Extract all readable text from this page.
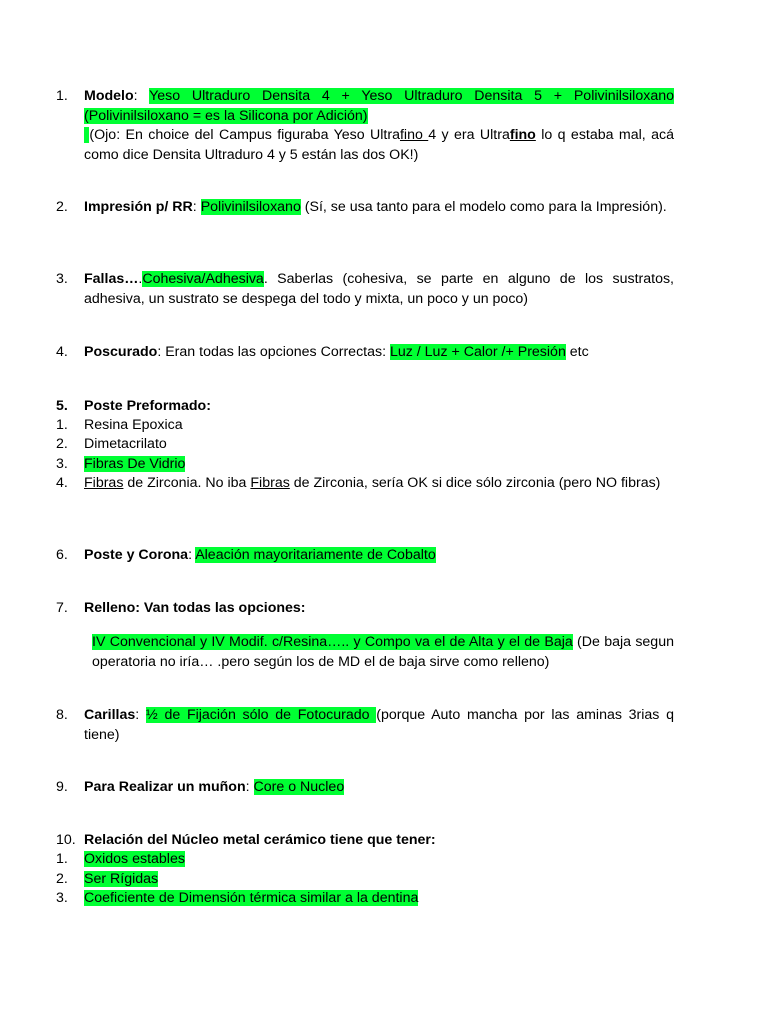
1.	Modelo: Yeso Ultraduro Densita 4 + Yeso Ultraduro Densita 5 + Polivinilsiloxano (Polivinilsiloxano = es la Silicona por Adición)
(Ojo: En choice del Campus figuraba Yeso Ultrafino 4 y era Ultrafino lo q estaba mal, acá como dice Densita Ultraduro 4 y 5 están las dos OK!)
2.	Impresión p/ RR: Polivinilsiloxano (Sí, se usa tanto para el modelo como para la Impresión).
3.	Fallas….Cohesiva/Adhesiva. Saberlas (cohesiva, se parte en alguno de los sustratos, adhesiva, un sustrato se despega del todo y mixta, un poco y un poco)
4.	Poscurado: Eran todas las opciones Correctas: Luz / Luz + Calor /+ Presión etc
5.	Poste Preformado:
1.	Resina Epoxica
2.	Dimetacrilato
3.	Fibras De Vidrio
4.	Fibras de Zirconia. No iba Fibras de Zirconia, sería OK si dice sólo zirconia (pero NO fibras)
6.	Poste y Corona: Aleación mayoritariamente de Cobalto
7.	Relleno: Van todas las opciones:
IV Convencional y IV Modif. c/Resina….. y Compo va el de Alta y el de Baja (De baja segun operatoria no iría… .pero según los de MD el de baja sirve como relleno)
8.	Carillas: ½ de Fijación sólo de Fotocurado (porque Auto mancha por las aminas 3rias q tiene)
9.	Para Realizar un muñon: Core o Nucleo
10. Relación del Núcleo metal cerámico tiene que tener:
1.	Oxidos estables
2.	Ser Rígidas
3.	Coeficiente de Dimensión térmica similar a la dentina
